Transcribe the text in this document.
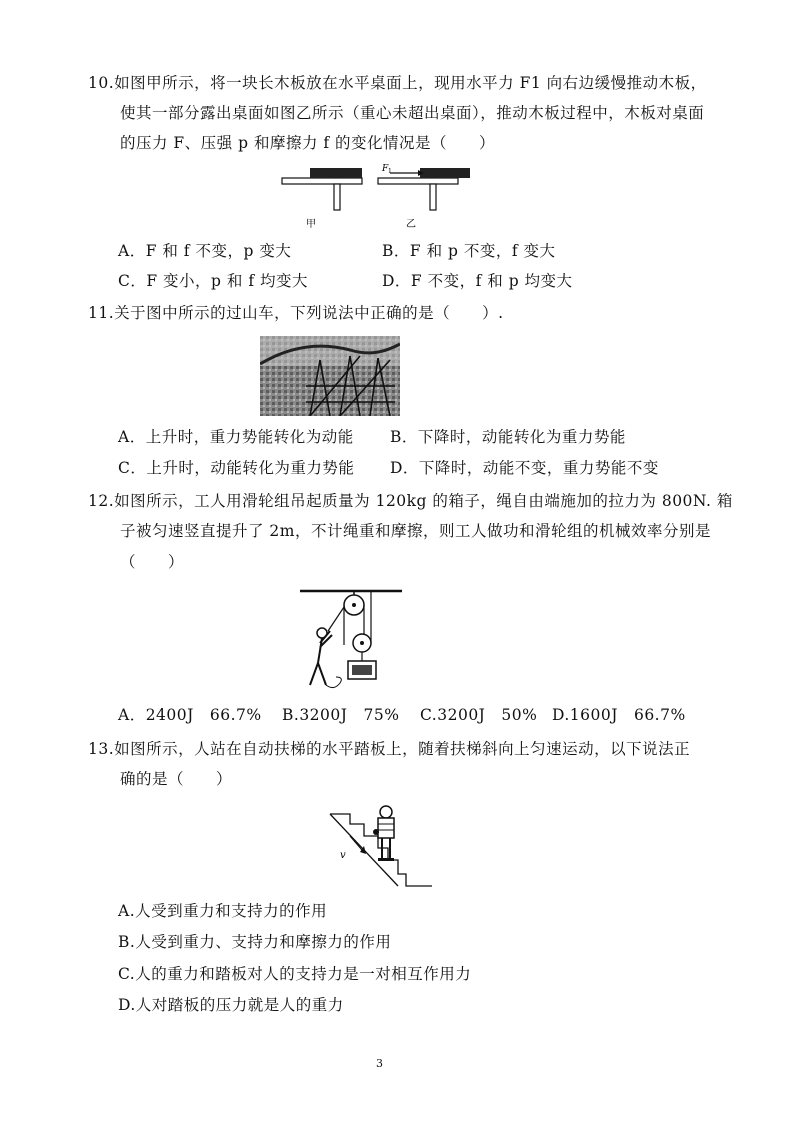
10.如图甲所示，将一块长木板放在水平桌面上，现用水平力 F1 向右边缓慢推动木板，
使其一部分露出桌面如图乙所示（重心未超出桌面），推动木板过程中，木板对桌面
的压力 F、压强 p 和摩擦力 f 的变化情况是（　　）
甲
F 1
乙
A．F 和 f 不变，p 变大	B．F 和 p 不变，f 变大
C．F 变小，p 和 f 均变大	D．F 不变，f 和 p 均变大
11.关于图中所示的过山车，下列说法中正确的是（　　）.
A．上升时，重力势能转化为动能 B．下降时，动能转化为重力势能
C．上升时，动能转化为重力势能 D．下降时，动能不变，重力势能不变
12.如图所示，工人用滑轮组吊起质量为 120kg 的箱子，绳自由端施加的拉力为 800N. 箱
子被匀速竖直提升了 2m，不计绳重和摩擦，则工人做功和滑轮组的机械效率分别是
（　　）
A．2400J　66.7% B.3200J　75% C.3200J　50% D.1600J　66.7%
13.如图所示，人站在自动扶梯的水平踏板上，随着扶梯斜向上匀速运动，以下说法正
确的是（　　）
v
A.人受到重力和支持力的作用
B.人受到重力、支持力和摩擦力的作用
C.人的重力和踏板对人的支持力是一对相互作用力
D.人对踏板的压力就是人的重力
3
